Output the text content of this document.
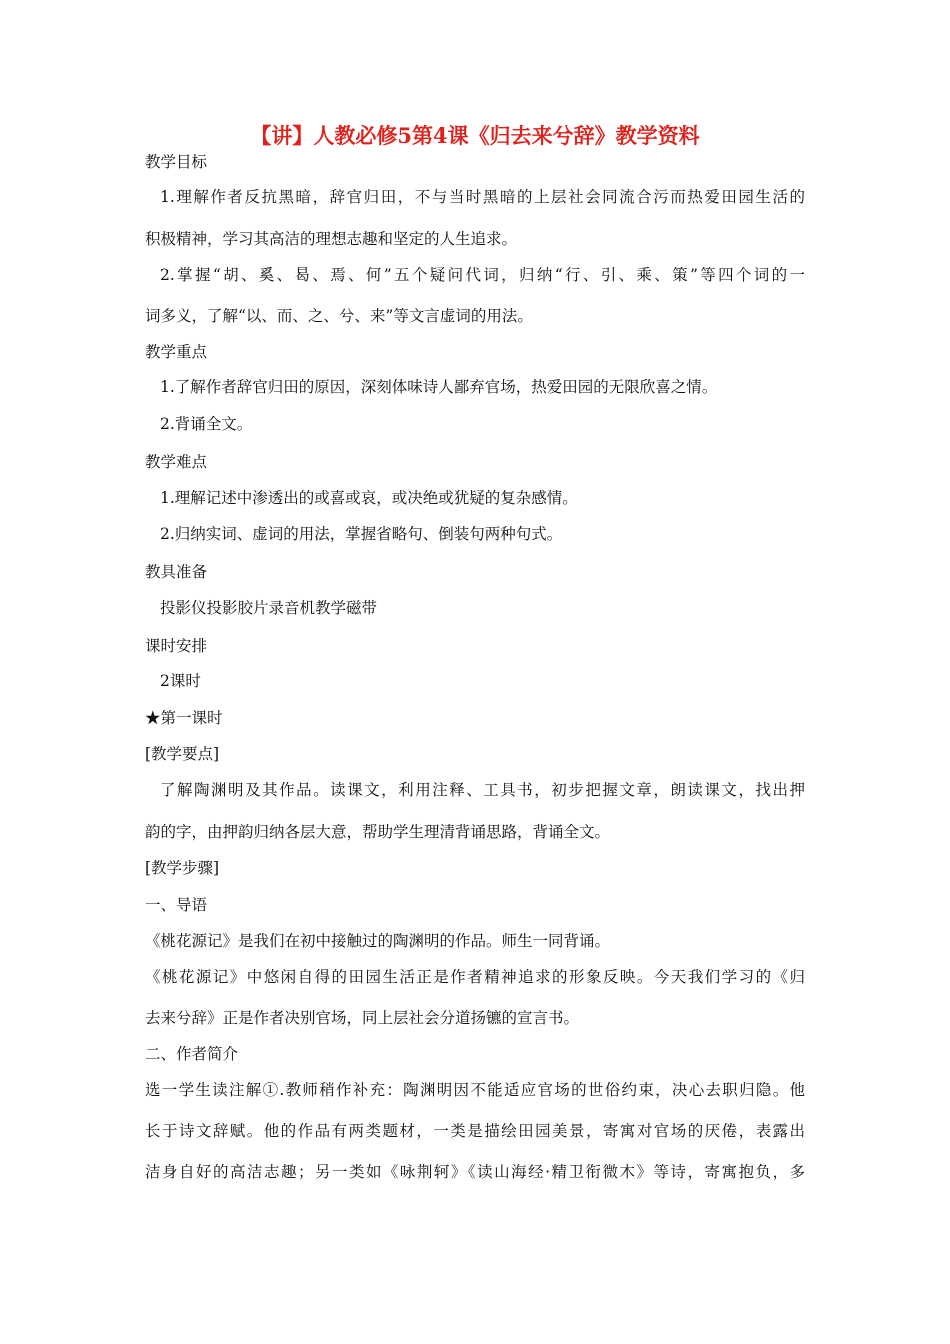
【讲】人教必修5第4课《归去来兮辞》教学资料
教学目标
1.理解作者反抗黑暗，辞官归田，不与当时黑暗的上层社会同流合污而热爱田园生活的
积极精神，学习其高洁的理想志趣和坚定的人生追求。
2.掌握“胡、奚、曷、焉、何”五个疑问代词，归纳“行、引、乘、策”等四个词的一
词多义，了解“以、而、之、兮、来”等文言虚词的用法。
教学重点
1.了解作者辞官归田的原因，深刻体味诗人鄙弃官场，热爱田园的无限欣喜之情。
2.背诵全文。
教学难点
1.理解记述中渗透出的或喜或哀，或决绝或犹疑的复杂感情。
2.归纳实词、虚词的用法，掌握省略句、倒装句两种句式。
教具准备
投影仪投影胶片录音机教学磁带
课时安排
2课时
★第一课时
[教学要点]
了解陶渊明及其作品。读课文，利用注释、工具书，初步把握文章，朗读课文，找出押
韵的字，由押韵归纳各层大意，帮助学生理清背诵思路，背诵全文。
[教学步骤]
一、导语
《桃花源记》是我们在初中接触过的陶渊明的作品。师生一同背诵。
《桃花源记》中悠闲自得的田园生活正是作者精神追求的形象反映。今天我们学习的《归
去来兮辞》正是作者决别官场，同上层社会分道扬镳的宣言书。
二、作者简介
选一学生读注解①.教师稍作补充：陶渊明因不能适应官场的世俗约束，决心去职归隐。他
长于诗文辞赋。他的作品有两类题材，一类是描绘田园美景，寄寓对官场的厌倦，表露出
洁身自好的高洁志趣；另一类如《咏荆轲》《读山海经·精卫衔微木》等诗，寄寓抱负，多
